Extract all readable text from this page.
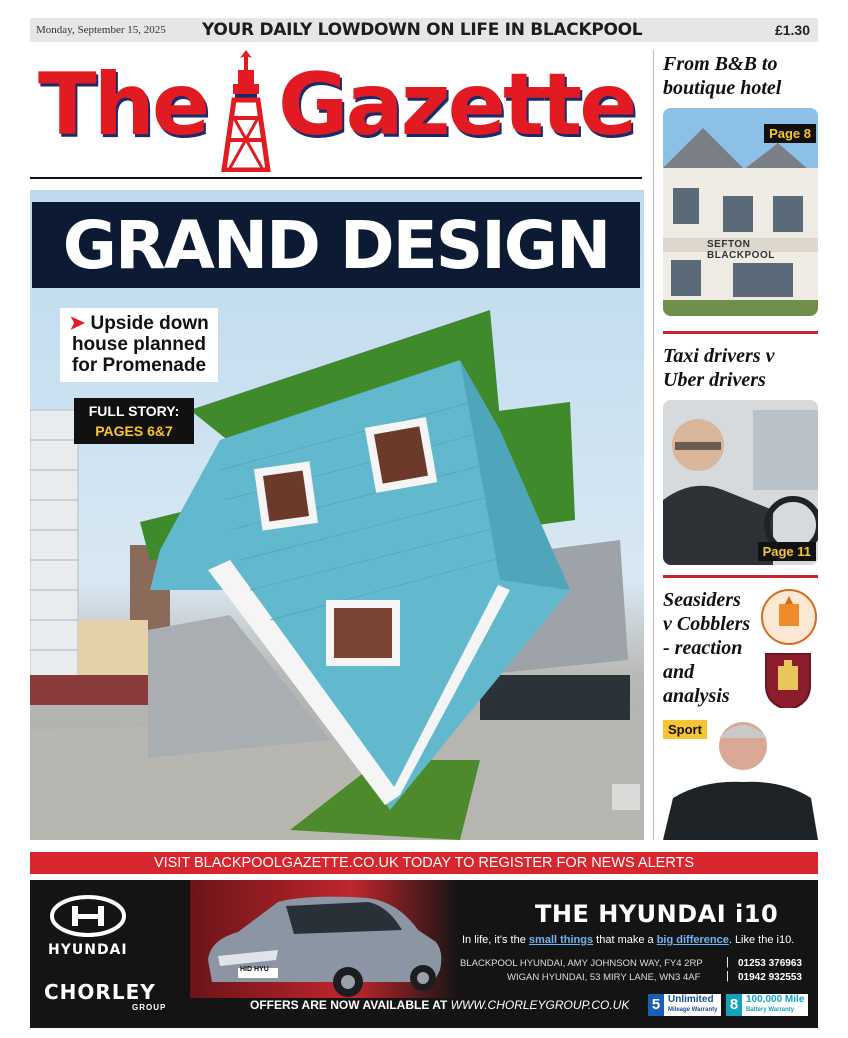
Monday, September 15, 2025	YOUR DAILY LOWDOWN ON LIFE IN BLACKPOOL	£1.30
The Gazette
GRAND DESIGN
➤ Upside down
house planned
for Promenade
FULL STORY:
PAGES 6&7
From B&B to
boutique hotel
SEFTON BLACKPOOL
Page 8
Taxi drivers v
Uber drivers
Page 11
Seasiders
v Cobblers
- reaction
and
analysis
Sport
VISIT BLACKPOOLGAZETTE.CO.UK TODAY TO REGISTER FOR NEWS ALERTS
HYUNDAI
CHORLEY
GROUP
HID HYU
THE HYUNDAI i10
In life, it's the small things that make a big difference. Like the i10.
BLACKPOOL HYUNDAI, AMY JOHNSON WAY, FY4 2RP | 01253 376963
WIGAN HYUNDAI, 53 MIRY LANE, WN3 4AF | 01942 932553
OFFERS ARE NOW AVAILABLE AT WWW.CHORLEYGROUP.CO.UK 5 Unlimited
Mileage Warranty 8 100,000 Mile
Battery Warranty
